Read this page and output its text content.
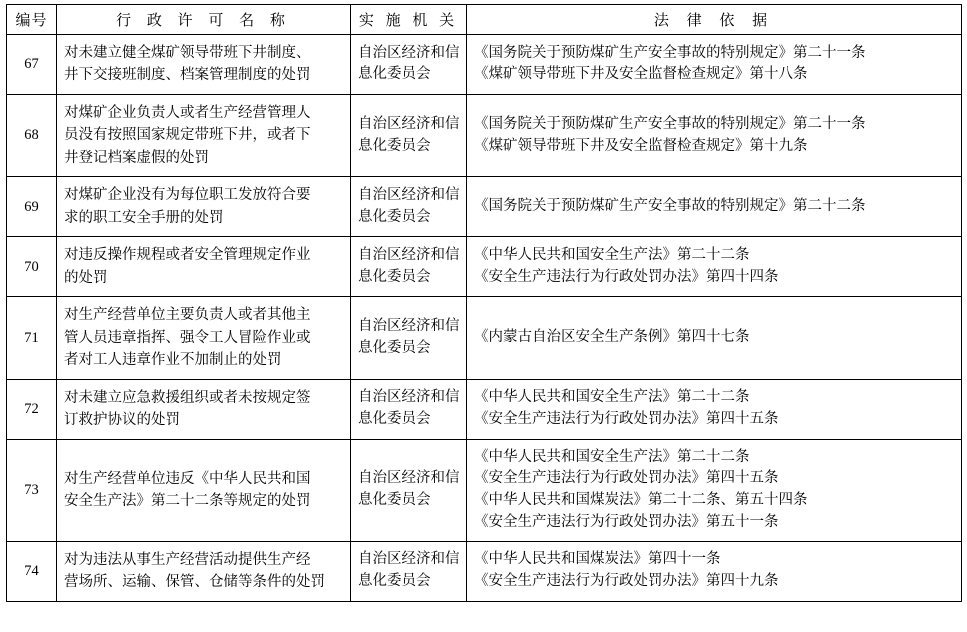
编号	行 政 许 可 名 称	实 施 机 关	法 律 依 据
67	对未建立健全煤矿领导带班下井制度、
井下交接班制度、档案管理制度的处罚	自治区经济和信
息化委员会	《国务院关于预防煤矿生产安全事故的特别规定》第二十一条
《煤矿领导带班下井及安全监督检查规定》第十八条

68	对煤矿企业负责人或者生产经营管理人
员没有按照国家规定带班下井，或者下
井登记档案虚假的处罚	自治区经济和信
息化委员会	《国务院关于预防煤矿生产安全事故的特别规定》第二十一条
《煤矿领导带班下井及安全监督检查规定》第十九条

69	对煤矿企业没有为每位职工发放符合要
求的职工安全手册的处罚	自治区经济和信
息化委员会	《国务院关于预防煤矿生产安全事故的特别规定》第二十二条

70	对违反操作规程或者安全管理规定作业
的处罚	自治区经济和信
息化委员会	《中华人民共和国安全生产法》第二十二条
《安全生产违法行为行政处罚办法》第四十四条

71	对生产经营单位主要负责人或者其他主
管人员违章指挥、强令工人冒险作业或
者对工人违章作业不加制止的处罚	自治区经济和信
息化委员会	《内蒙古自治区安全生产条例》第四十七条

72	对未建立应急救援组织或者未按规定签
订救护协议的处罚	自治区经济和信
息化委员会	《中华人民共和国安全生产法》第二十二条
《安全生产违法行为行政处罚办法》第四十五条

73	对生产经营单位违反《中华人民共和国
安全生产法》第二十二条等规定的处罚	自治区经济和信
息化委员会	《中华人民共和国安全生产法》第二十二条
《安全生产违法行为行政处罚办法》第四十五条
《中华人民共和国煤炭法》第二十二条、第五十四条
《安全生产违法行为行政处罚办法》第五十一条

74	对为违法从事生产经营活动提供生产经
营场所、运输、保管、仓储等条件的处罚	自治区经济和信
息化委员会	《中华人民共和国煤炭法》第四十一条
《安全生产违法行为行政处罚办法》第四十九条
